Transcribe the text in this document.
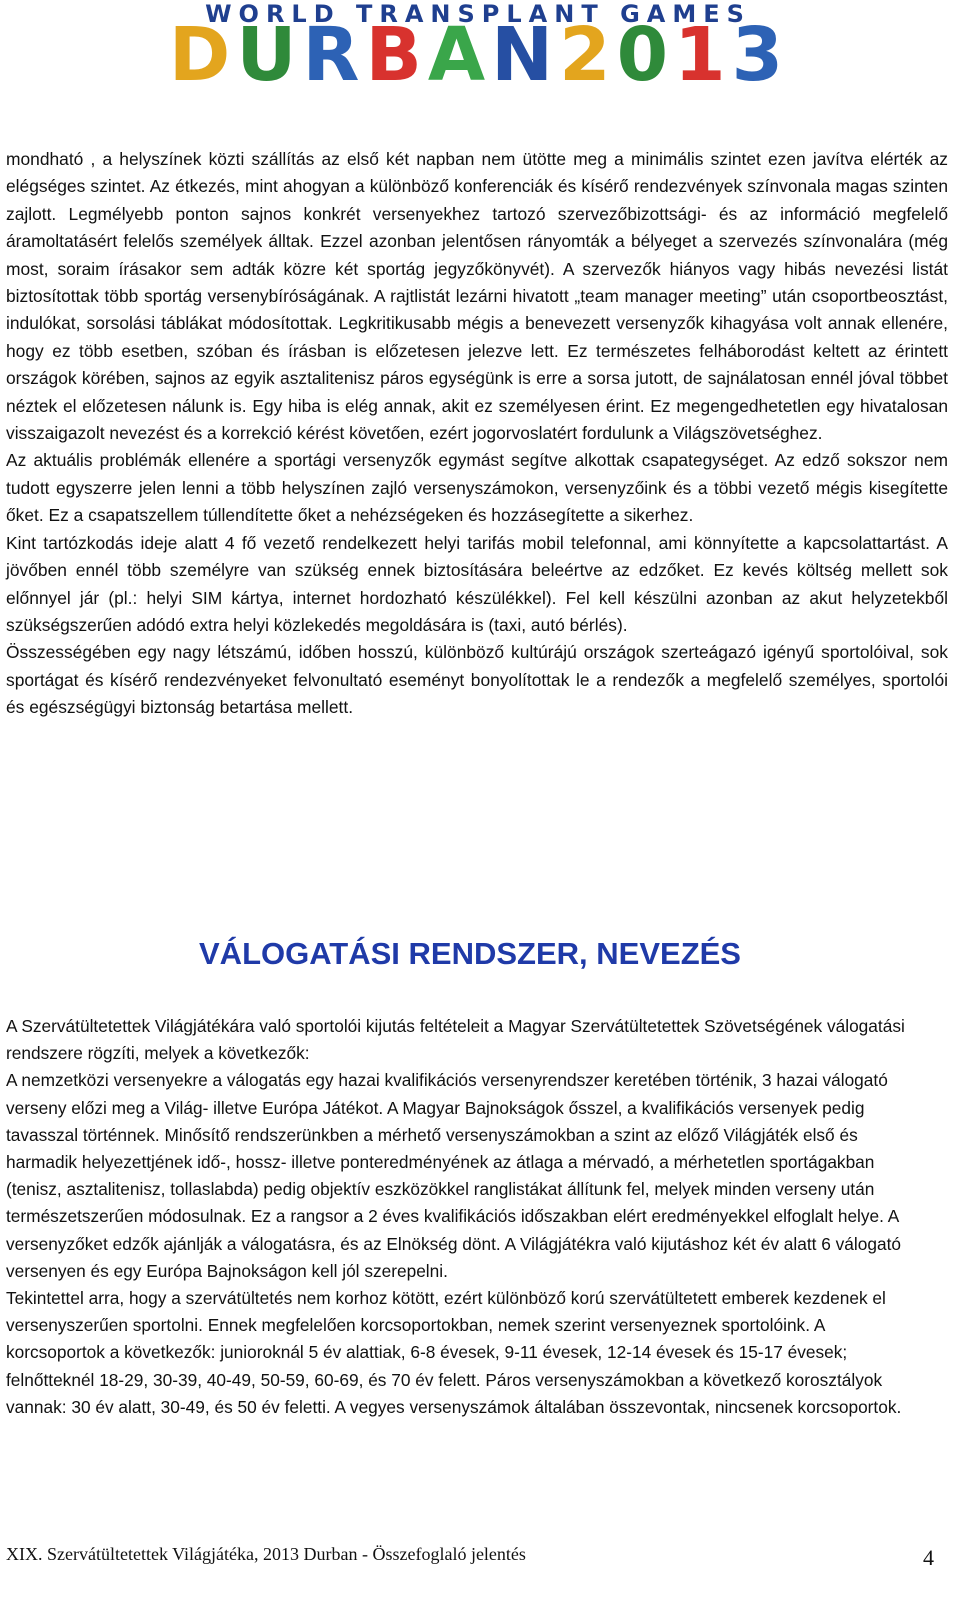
WORLD TRANSPLANT GAMES
DURBAN2013

mondható , a helyszínek közti szállítás az első két napban nem ütötte meg a minimális szintet ezen javítva elérték az elégséges szintet. Az étkezés, mint ahogyan a különböző konferenciák és kísérő rendezvények színvonala magas szinten zajlott. Legmélyebb ponton sajnos konkrét versenyekhez tartozó szervezőbizottsági- és az információ megfelelő áramoltatásért felelős személyek álltak. Ezzel azonban jelentősen rányomták a bélyeget a szervezés színvonalára (még most, soraim írásakor sem adták közre két sportág jegyzőkönyvét). A szervezők hiányos vagy hibás nevezési listát biztosítottak több sportág versenybíróságának. A rajtlistát lezárni hivatott „team manager meeting” után csoportbeosztást, indulókat, sorsolási táblákat módosítottak. Legkritikusabb mégis a benevezett versenyzők kihagyása volt annak ellenére, hogy ez több esetben, szóban és írásban is előzetesen jelezve lett. Ez természetes felháborodást keltett az érintett országok körében, sajnos az egyik asztalitenisz páros egységünk is erre a sorsa jutott, de sajnálatosan ennél jóval többet néztek el előzetesen nálunk is. Egy hiba is elég annak, akit ez személyesen érint. Ez megengedhetetlen egy hivatalosan visszaigazolt nevezést és a korrekció kérést követően, ezért jogorvoslatért fordulunk a Világszövetséghez.

Az aktuális problémák ellenére a sportági versenyzők egymást segítve alkottak csapategységet. Az edző sokszor nem tudott egyszerre jelen lenni a több helyszínen zajló versenyszámokon, versenyzőink és a többi vezető mégis kisegítette őket. Ez a csapatszellem túllendítette őket a nehézségeken és hozzásegítette a sikerhez.

Kint tartózkodás ideje alatt 4 fő vezető rendelkezett helyi tarifás mobil telefonnal, ami könnyítette a kapcsolattartást. A jövőben ennél több személyre van szükség ennek biztosítására beleértve az edzőket. Ez kevés költség mellett sok előnnyel jár (pl.: helyi SIM kártya, internet hordozható készülékkel). Fel kell készülni azonban az akut helyzetekből szükségszerűen adódó extra helyi közlekedés megoldására is (taxi, autó bérlés).

Összességében egy nagy létszámú, időben hosszú, különböző kultúrájú országok szerteágazó igényű sportolóival, sok sportágat és kísérő rendezvényeket felvonultató eseményt bonyolítottak le a rendezők a megfelelő személyes, sportolói és egészségügyi biztonság betartása mellett.

VÁLOGATÁSI RENDSZER, NEVEZÉS

A Szervátültetettek Világjátékára való sportolói kijutás feltételeit a Magyar Szervátültetettek Szövetségének válogatási rendszere rögzíti, melyek a következők:

A nemzetközi versenyekre a válogatás egy hazai kvalifikációs versenyrendszer keretében történik, 3 hazai válogató verseny előzi meg a Világ- illetve Európa Játékot. A Magyar Bajnokságok ősszel, a kvalifikációs versenyek pedig tavasszal történnek. Minősítő rendszerünkben a mérhető versenyszámokban a szint az előző Világjáték első és harmadik helyezettjének idő-, hossz- illetve ponteredményének az átlaga a mérvadó, a mérhetetlen sportágakban (tenisz, asztalitenisz, tollaslabda) pedig objektív eszközökkel ranglistákat állítunk fel, melyek minden verseny után természetszerűen módosulnak. Ez a rangsor a 2 éves kvalifikációs időszakban elért eredményekkel elfoglalt helye. A versenyzőket edzők ajánlják a válogatásra, és az Elnökség dönt. A Világjátékra való kijutáshoz két év alatt 6 válogató versenyen és egy Európa Bajnokságon kell jól szerepelni.

Tekintettel arra, hogy a szervátültetés nem korhoz kötött, ezért különböző korú szervátültetett emberek kezdenek el versenyszerűen sportolni. Ennek megfelelően korcsoportokban, nemek szerint versenyeznek sportolóink. A korcsoportok a következők: junioroknál 5 év alattiak, 6-8 évesek, 9-11 évesek, 12-14 évesek és 15-17 évesek; felnőtteknél 18-29, 30-39, 40-49, 50-59, 60-69, és 70 év felett. Páros versenyszámokban a következő korosztályok vannak: 30 év alatt, 30-49, és 50 év feletti. A vegyes versenyszámok általában összevontak, nincsenek korcsoportok.

XIX. Szervátültetettek Világjátéka, 2013 Durban - Összefoglaló jelentés	4
